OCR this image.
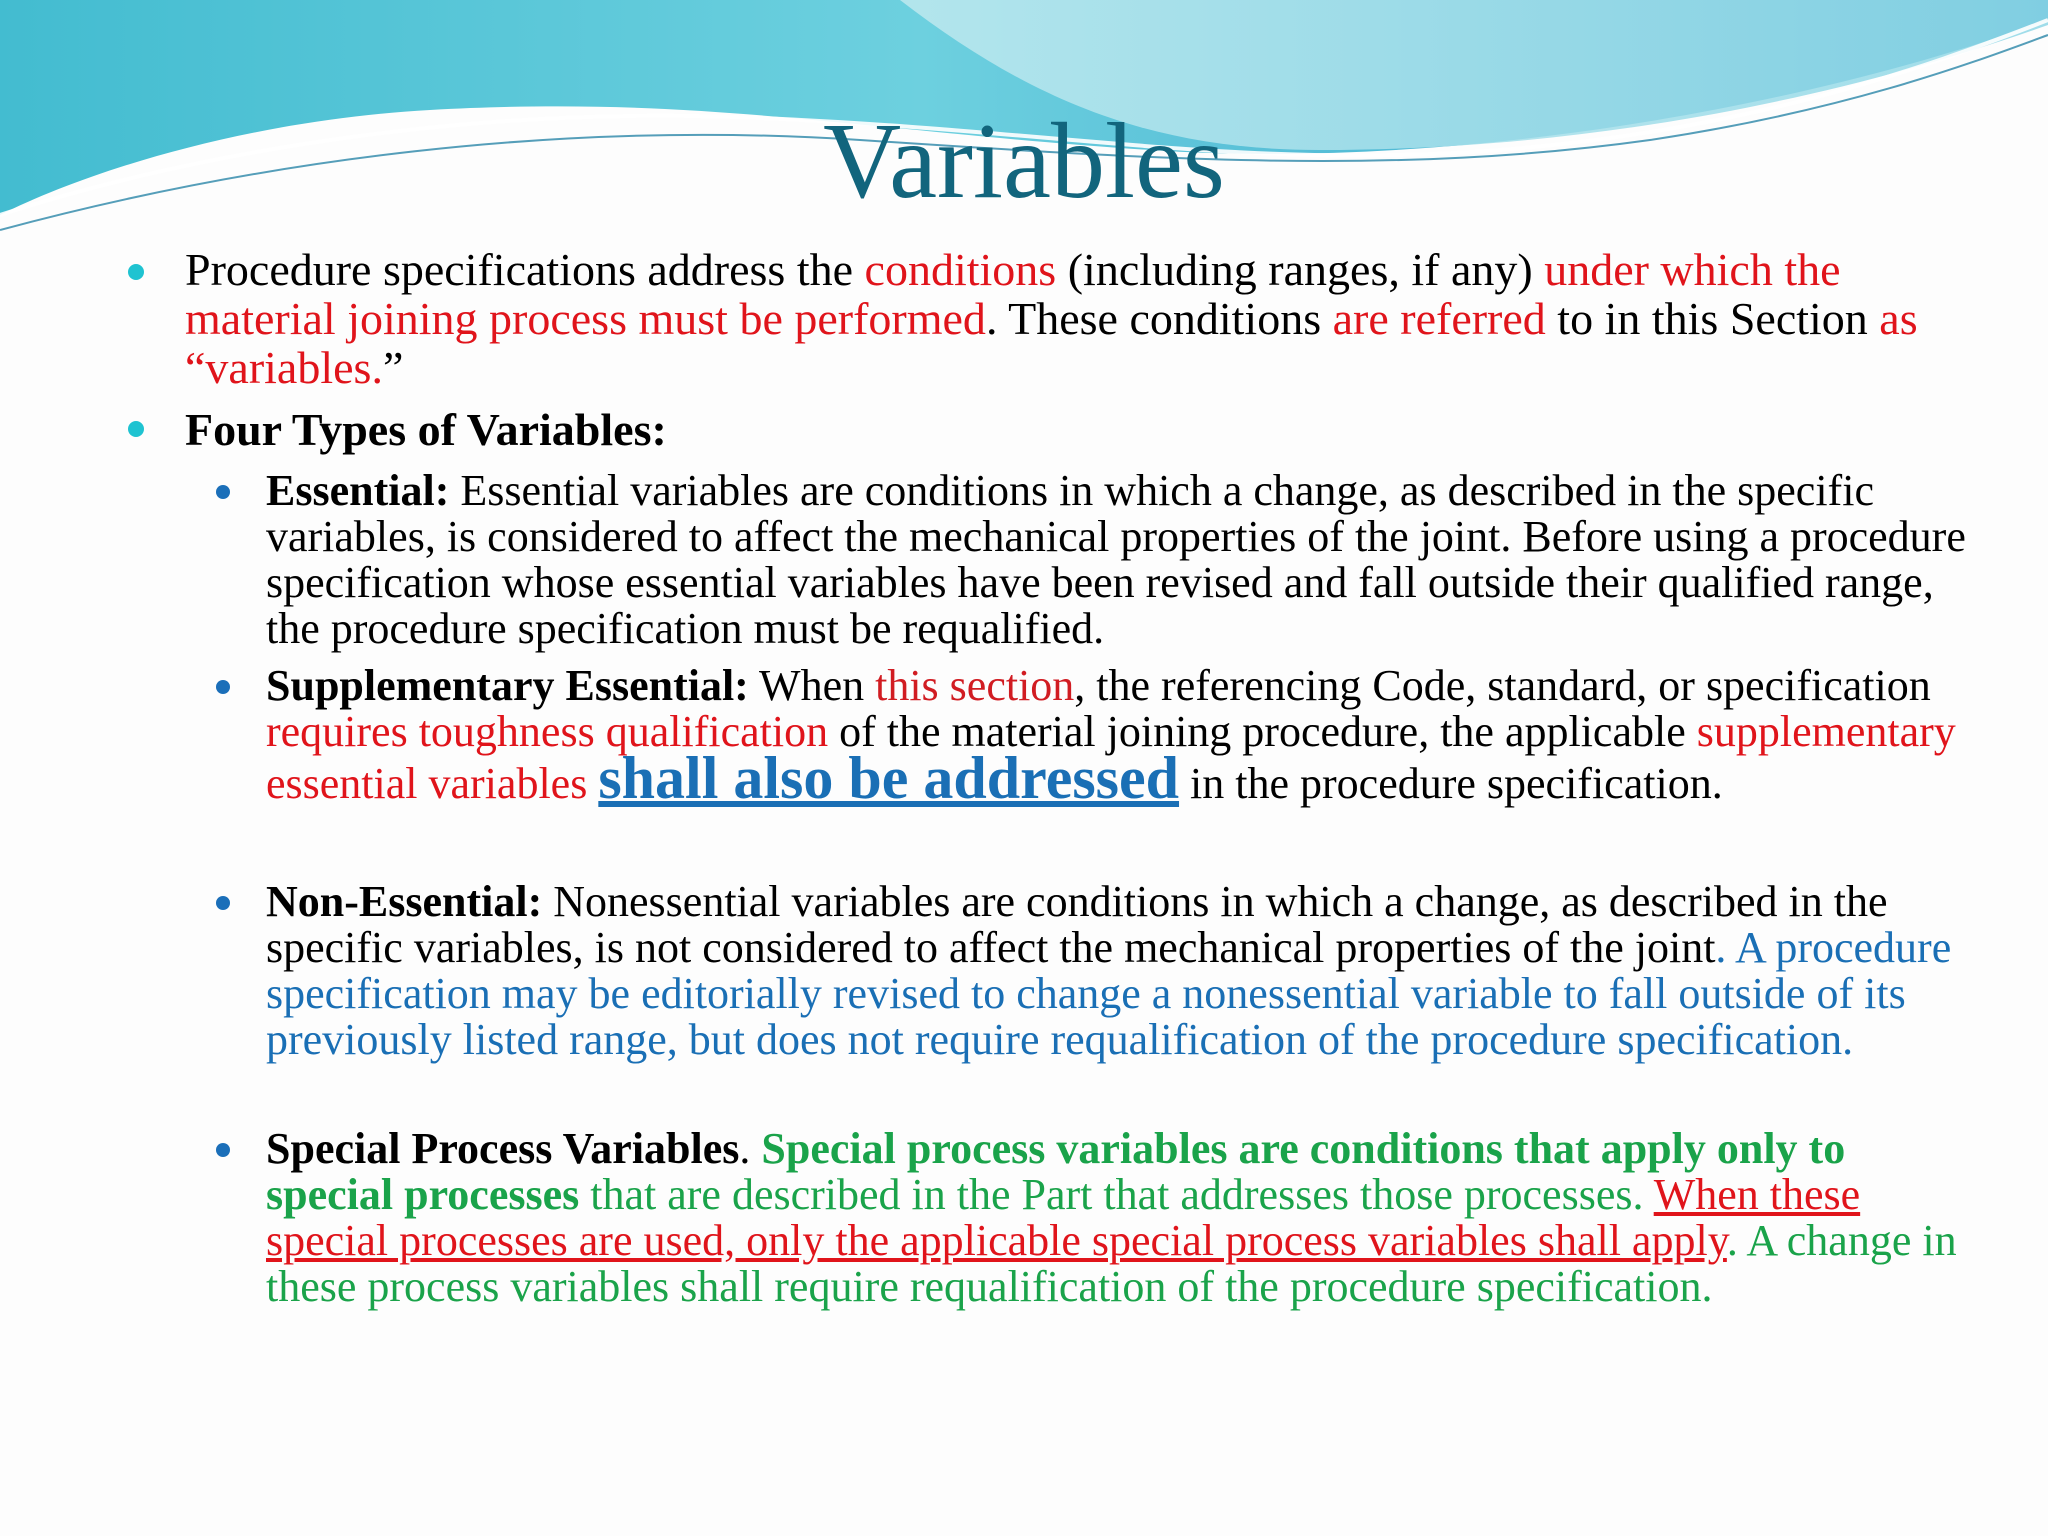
Variables

Procedure specifications address the conditions (including ranges, if any) under which the material joining process must be performed. These conditions are referred to in this Section as “variables.”

Four Types of Variables:

Essential: Essential variables are conditions in which a change, as described in the specific variables, is considered to affect the mechanical properties of the joint. Before using a procedure specification whose essential variables have been revised and fall outside their qualified range, the procedure specification must be requalified.

Supplementary Essential: When this section, the referencing Code, standard, or specification requires toughness qualification of the material joining procedure, the applicable supplementary essential variables shall also be addressed in the procedure specification.

Non-Essential: Nonessential variables are conditions in which a change, as described in the specific variables, is not considered to affect the mechanical properties of the joint. A procedure specification may be editorially revised to change a nonessential variable to fall outside of its previously listed range, but does not require requalification of the procedure specification.

Special Process Variables. Special process variables are conditions that apply only to special processes that are described in the Part that addresses those processes. When these special processes are used, only the applicable special process variables shall apply. A change in these process variables shall require requalification of the procedure specification.
